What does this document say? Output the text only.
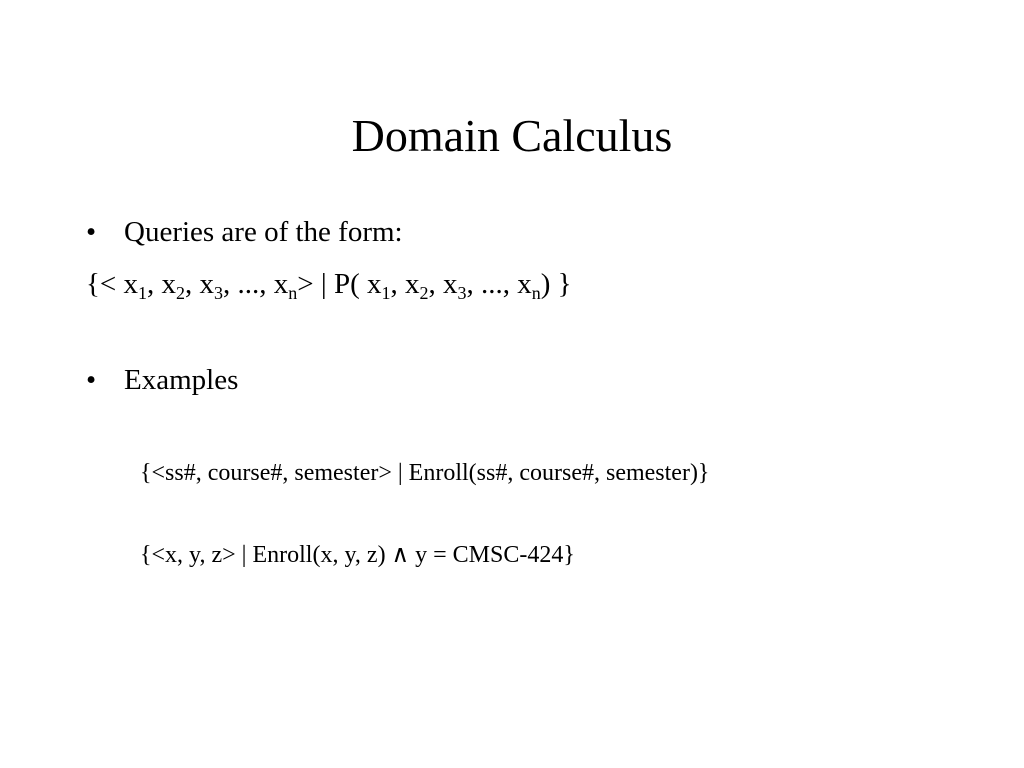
Domain Calculus
• Queries are of the form:
{< $x_1$, $x_2$, $x_3$, ..., $x_n>$ | P( $x_1$, $x_2$, $x_3$, ..., $x_n$) }
• Examples
{<ss#, course#, semester> | Enroll(ss#, course#, semester)}
{<x, y, z> | Enroll(x, y, z) ∧ y = CMSC-424}
